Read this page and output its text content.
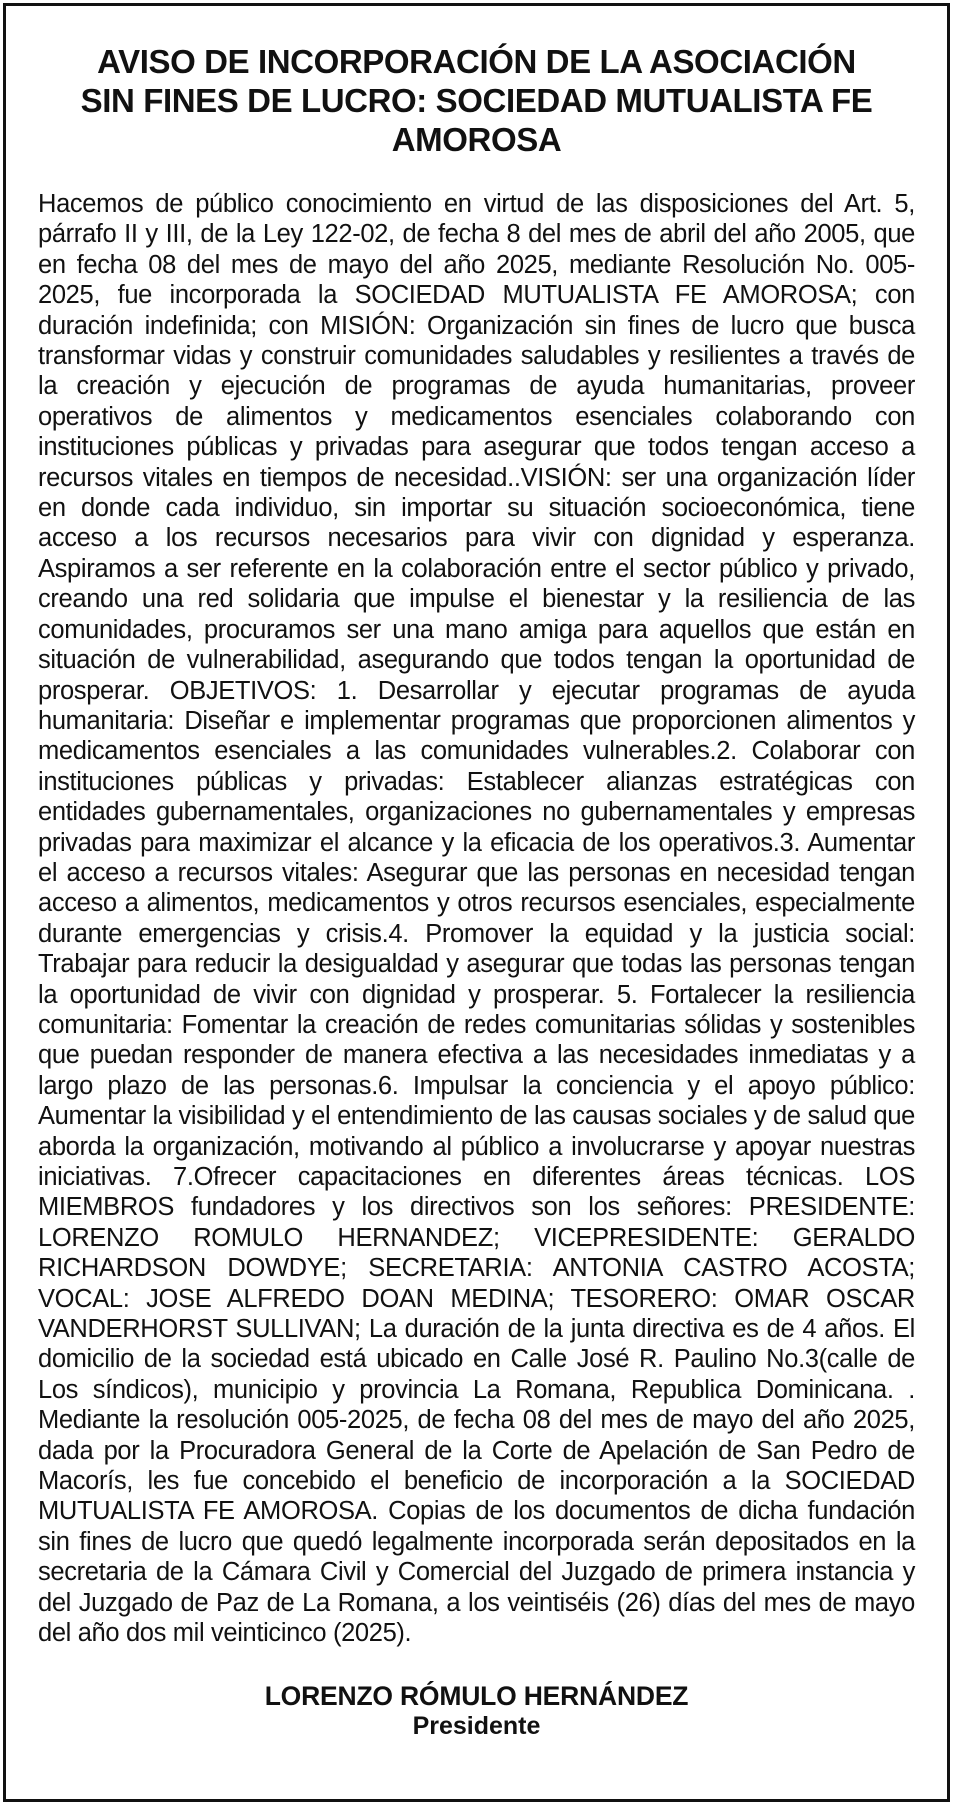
AVISO DE INCORPORACIÓN DE LA ASOCIACIÓN
SIN FINES DE LUCRO: SOCIEDAD MUTUALISTA FE
AMOROSA

Hacemos de público conocimiento en virtud de las disposiciones del Art. 5, párrafo II y III, de la Ley 122-02, de fecha 8 del mes de abril del año 2005, que en fecha 08 del mes de mayo del año 2025, mediante Resolución No. 005-2025, fue incorporada la SOCIEDAD MUTUALISTA FE AMOROSA; con duración indefinida; con MISIÓN: Organización sin fines de lucro que busca transformar vidas y construir comunidades saludables y resilientes a través de la creación y ejecución de programas de ayuda humanitarias, proveer operativos de alimentos y medicamentos esenciales colaborando con instituciones públicas y privadas para asegurar que todos tengan acceso a recursos vitales en tiempos de necesidad..VISIÓN: ser una organización líder en donde cada individuo, sin importar su situación socioeconómica, tiene acceso a los recursos necesarios para vivir con dignidad y esperanza. Aspiramos a ser referente en la colaboración entre el sector público y privado, creando una red solidaria que impulse el bienestar y la resiliencia de las comunidades, procuramos ser una mano amiga para aquellos que están en situación de vulnerabilidad, asegurando que todos tengan la oportunidad de prosperar. OBJETIVOS: 1. Desarrollar y ejecutar programas de ayuda humanitaria: Diseñar e implementar programas que proporcionen alimentos y medicamentos esenciales a las comunidades vulnerables.2. Colaborar con instituciones públicas y privadas: Establecer alianzas estratégicas con entidades gubernamentales, organizaciones no gubernamentales y empresas privadas para maximizar el alcance y la eficacia de los operativos.3. Aumentar el acceso a recursos vitales: Asegurar que las personas en necesidad tengan acceso a alimentos, medicamentos y otros recursos esenciales, especialmente durante emergencias y crisis.4. Promover la equidad y la justicia social: Trabajar para reducir la desigualdad y asegurar que todas las personas tengan la oportunidad de vivir con dignidad y prosperar. 5. Fortalecer la resiliencia comunitaria: Fomentar la creación de redes comunitarias sólidas y sostenibles que puedan responder de manera efectiva a las necesidades inmediatas y a largo plazo de las personas.6. Impulsar la conciencia y el apoyo público: Aumentar la visibilidad y el entendimiento de las causas sociales y de salud que aborda la organización, motivando al público a involucrarse y apoyar nuestras iniciativas. 7.Ofrecer capacitaciones en diferentes áreas técnicas. LOS MIEMBROS fundadores y los directivos son los señores: PRESIDENTE: LORENZO ROMULO HERNANDEZ; VICEPRESIDENTE: GERALDO RICHARDSON DOWDYE; SECRETARIA: ANTONIA CASTRO ACOSTA; VOCAL: JOSE ALFREDO DOAN MEDINA; TESORERO: OMAR OSCAR VANDERHORST SULLIVAN; La duración de la junta directiva es de 4 años. El domicilio de la sociedad está ubicado en Calle José R. Paulino No.3(calle de Los síndicos), municipio y provincia La Romana, Republica Dominicana. . Mediante la resolución 005-2025, de fecha 08 del mes de mayo del año 2025, dada por la Procuradora General de la Corte de Apelación de San Pedro de Macorís, les fue concebido el beneficio de incorporación a la SOCIEDAD MUTUALISTA FE AMOROSA. Copias de los documentos de dicha fundación sin fines de lucro que quedó legalmente incorporada serán depositados en la secretaria de la Cámara Civil y Comercial del Juzgado de primera instancia y del Juzgado de Paz de La Romana, a los veintiséis (26) días del mes de mayo del año dos mil veinticinco (2025).

LORENZO RÓMULO HERNÁNDEZ
Presidente
